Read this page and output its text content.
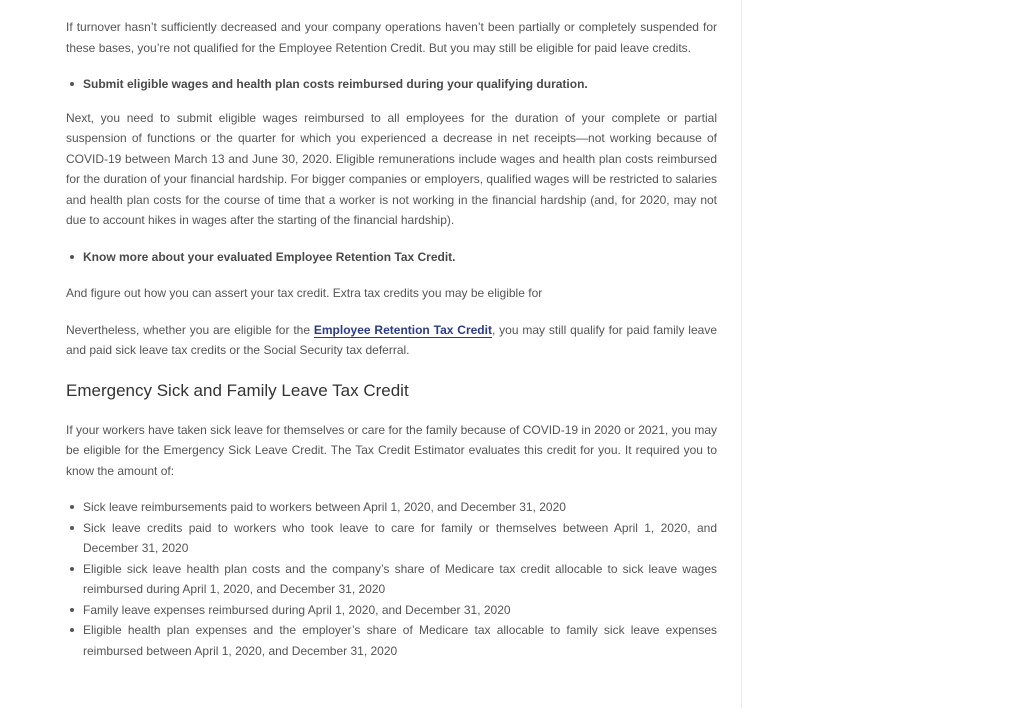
If turnover hasn’t sufficiently decreased and your company operations haven’t been partially or completely suspended for these bases, you’re not qualified for the Employee Retention Credit. But you may still be eligible for paid leave credits.

Submit eligible wages and health plan costs reimbursed during your qualifying duration.

Next, you need to submit eligible wages reimbursed to all employees for the duration of your complete or partial suspension of functions or the quarter for which you experienced a decrease in net receipts—not working because of COVID-19 between March 13 and June 30, 2020. Eligible remunerations include wages and health plan costs reimbursed for the duration of your financial hardship. For bigger companies or employers, qualified wages will be restricted to salaries and health plan costs for the course of time that a worker is not working in the financial hardship (and, for 2020, may not due to account hikes in wages after the starting of the financial hardship).

Know more about your evaluated Employee Retention Tax Credit.

And figure out how you can assert your tax credit. Extra tax credits you may be eligible for

Nevertheless, whether you are eligible for the Employee Retention Tax Credit, you may still qualify for paid family leave and paid sick leave tax credits or the Social Security tax deferral.

Emergency Sick and Family Leave Tax Credit

If your workers have taken sick leave for themselves or care for the family because of COVID-19 in 2020 or 2021, you may be eligible for the Emergency Sick Leave Credit. The Tax Credit Estimator evaluates this credit for you. It required you to know the amount of:

Sick leave reimbursements paid to workers between April 1, 2020, and December 31, 2020
Sick leave credits paid to workers who took leave to care for family or themselves between April 1, 2020, and December 31, 2020
Eligible sick leave health plan costs and the company’s share of Medicare tax credit allocable to sick leave wages reimbursed during April 1, 2020, and December 31, 2020
Family leave expenses reimbursed during April 1, 2020, and December 31, 2020
Eligible health plan expenses and the employer’s share of Medicare tax allocable to family sick leave expenses reimbursed between April 1, 2020, and December 31, 2020
